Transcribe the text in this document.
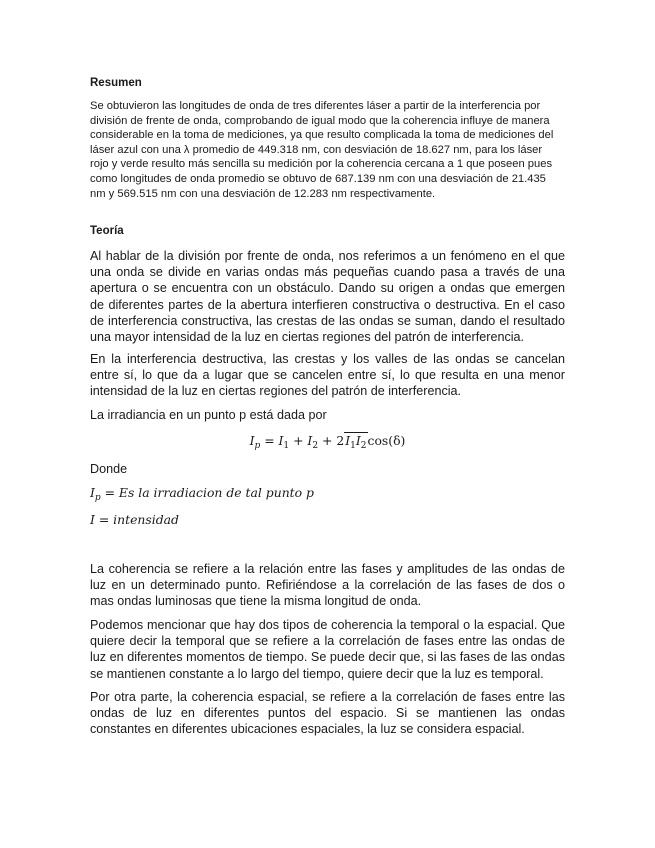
Resumen

Se obtuvieron las longitudes de onda de tres diferentes láser a partir de la interferencia por división de frente de onda, comprobando de igual modo que la coherencia influye de manera considerable en la toma de mediciones, ya que resulto complicada la toma de mediciones del láser azul con una λ promedio de 449.318 nm, con desviación de 18.627 nm, para los láser rojo y verde resulto más sencilla su medición por la coherencia cercana a 1 que poseen pues como longitudes de onda promedio se obtuvo de 687.139 nm con una desviación de 21.435 nm y 569.515 nm con una desviación de 12.283 nm respectivamente.

Teoría

Al hablar de la división por frente de onda, nos referimos a un fenómeno en el que una onda se divide en varias ondas más pequeñas cuando pasa a través de una apertura o se encuentra con un obstáculo. Dando su origen a ondas que emergen de diferentes partes de la abertura interfieren constructiva o destructiva. En el caso de interferencia constructiva, las crestas de las ondas se suman, dando el resultado una mayor intensidad de la luz en ciertas regiones del patrón de interferencia.

En la interferencia destructiva, las crestas y los valles de las ondas se cancelan entre sí, lo que da a lugar que se cancelen entre sí, lo que resulta en una menor intensidad de la luz en ciertas regiones del patrón de interferencia.

La irradiancia en un punto p está dada por

$I_p = I_1 + I_2 + 2I_1I_2\cos(\delta)$

Donde

$I_p = Es$ la irradiacion de tal punto p
I = intensidad

La coherencia se refiere a la relación entre las fases y amplitudes de las ondas de luz en un determinado punto. Refiriéndose a la correlación de las fases de dos o mas ondas luminosas que tiene la misma longitud de onda.

Podemos mencionar que hay dos tipos de coherencia la temporal o la espacial. Que quiere decir la temporal que se refiere a la correlación de fases entre las ondas de luz en diferentes momentos de tiempo. Se puede decir que, si las fases de las ondas se mantienen constante a lo largo del tiempo, quiere decir que la luz es temporal.

Por otra parte, la coherencia espacial, se refiere a la correlación de fases entre las ondas de luz en diferentes puntos del espacio. Si se mantienen las ondas constantes en diferentes ubicaciones espaciales, la luz se considera espacial.
